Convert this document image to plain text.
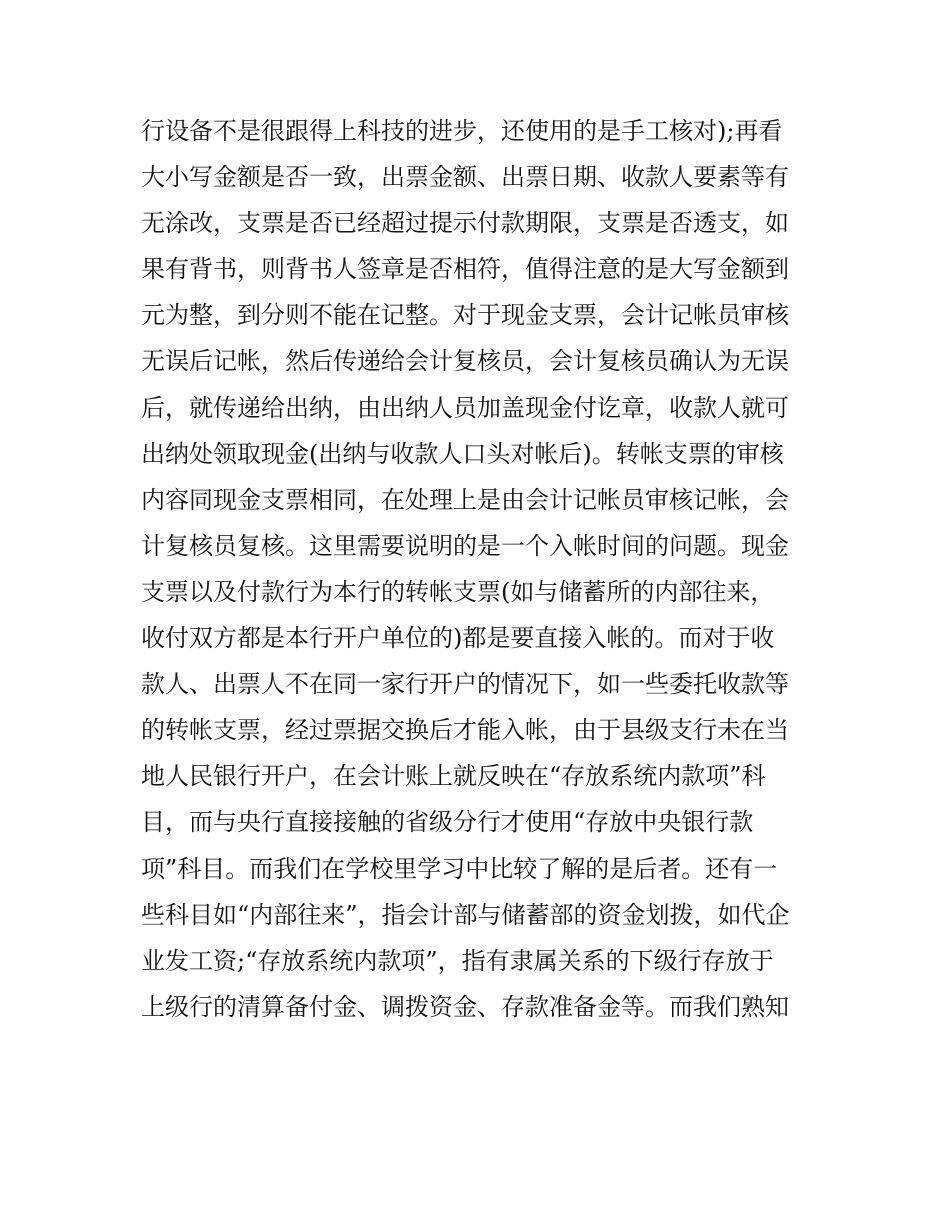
行设备不是很跟得上科技的进步，还使用的是手工核对);再看
大小写金额是否一致，出票金额、出票日期、收款人要素等有
无涂改，支票是否已经超过提示付款期限，支票是否透支，如
果有背书，则背书人签章是否相符，值得注意的是大写金额到
元为整，到分则不能在记整。对于现金支票，会计记帐员审核
无误后记帐，然后传递给会计复核员，会计复核员确认为无误
后，就传递给出纳，由出纳人员加盖现金付讫章，收款人就可
出纳处领取现金(出纳与收款人口头对帐后)。转帐支票的审核
内容同现金支票相同，在处理上是由会计记帐员审核记帐，会
计复核员复核。这里需要说明的是一个入帐时间的问题。现金
支票以及付款行为本行的转帐支票(如与储蓄所的内部往来，
收付双方都是本行开户单位的)都是要直接入帐的。而对于收
款人、出票人不在同一家行开户的情况下，如一些委托收款等
的转帐支票，经过票据交换后才能入帐，由于县级支行未在当
地人民银行开户，在会计账上就反映在“存放系统内款项”科
目，而与央行直接接触的省级分行才使用“存放中央银行款
项”科目。而我们在学校里学习中比较了解的是后者。还有一
些科目如“内部往来”，指会计部与储蓄部的资金划拨，如代企
业发工资;“存放系统内款项”，指有隶属关系的下级行存放于
上级行的清算备付金、调拨资金、存款准备金等。而我们熟知
